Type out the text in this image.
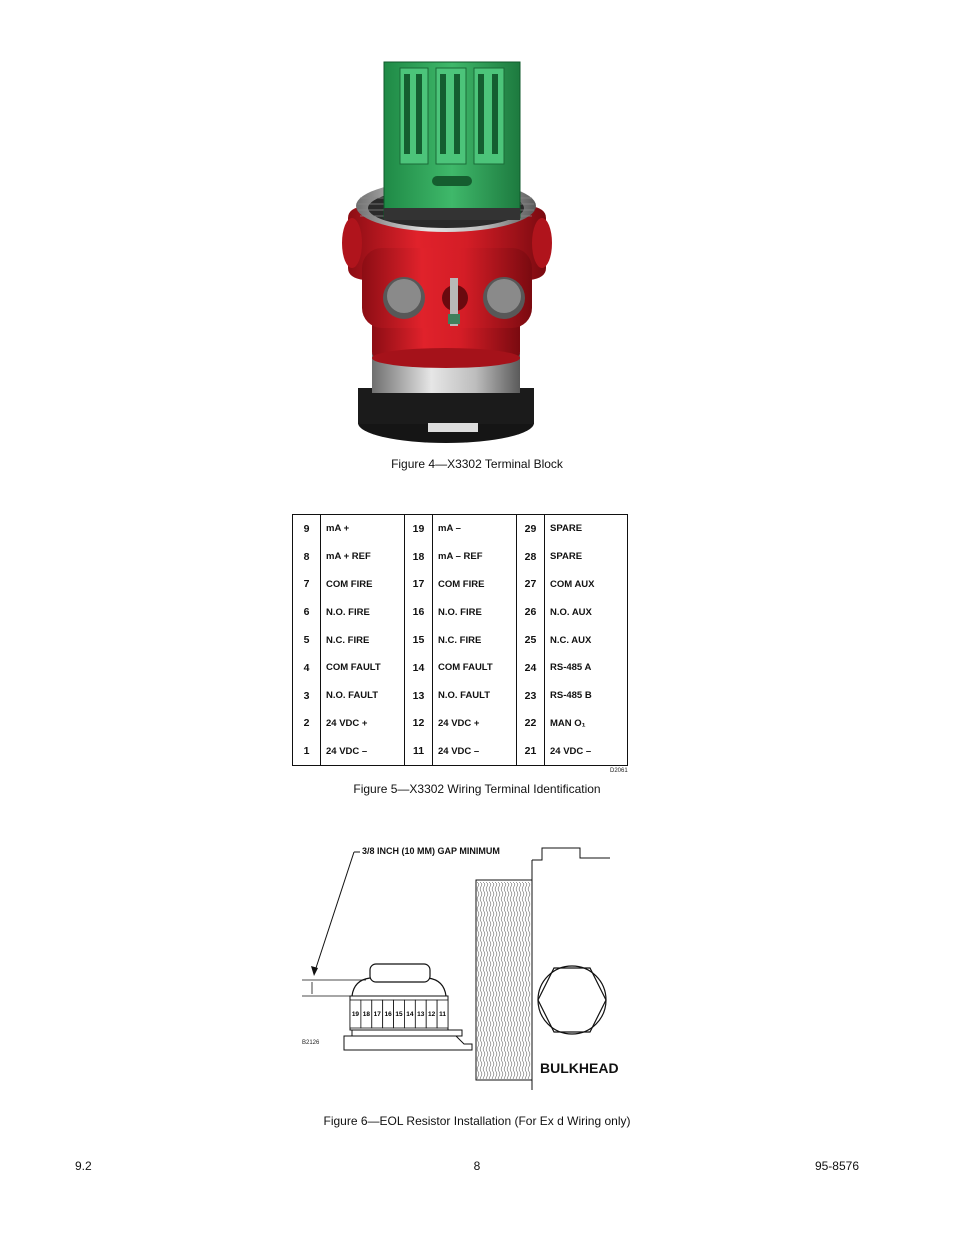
Figure 4—X3302 Terminal Block
9
8
7
6
5
4
3
2
1
mA +
mA + REF
COM FIRE
N.O. FIRE
N.C. FIRE
COM FAULT
N.O. FAULT
24 VDC +
24 VDC –
19
18
17
16
15
14
13
12
11
mA –
mA – REF
COM FIRE
N.O. FIRE
N.C. FIRE
COM FAULT
N.O. FAULT
24 VDC +
24 VDC –
29
28
27
26
25
24
23
22
21
SPARE
SPARE
COM AUX
N.O. AUX
N.C. AUX
RS-485 A
RS-485 B
MAN O₁
24 VDC –
D2061
Figure 5—X3302 Wiring Terminal Identification
3/8 INCH (10 MM) GAP MINIMUM
19 18 17 16 15 14 13 12 11
B2126
BULKHEAD
Figure 6—EOL Resistor Installation (For Ex d Wiring only)
9.2	8	95-8576
